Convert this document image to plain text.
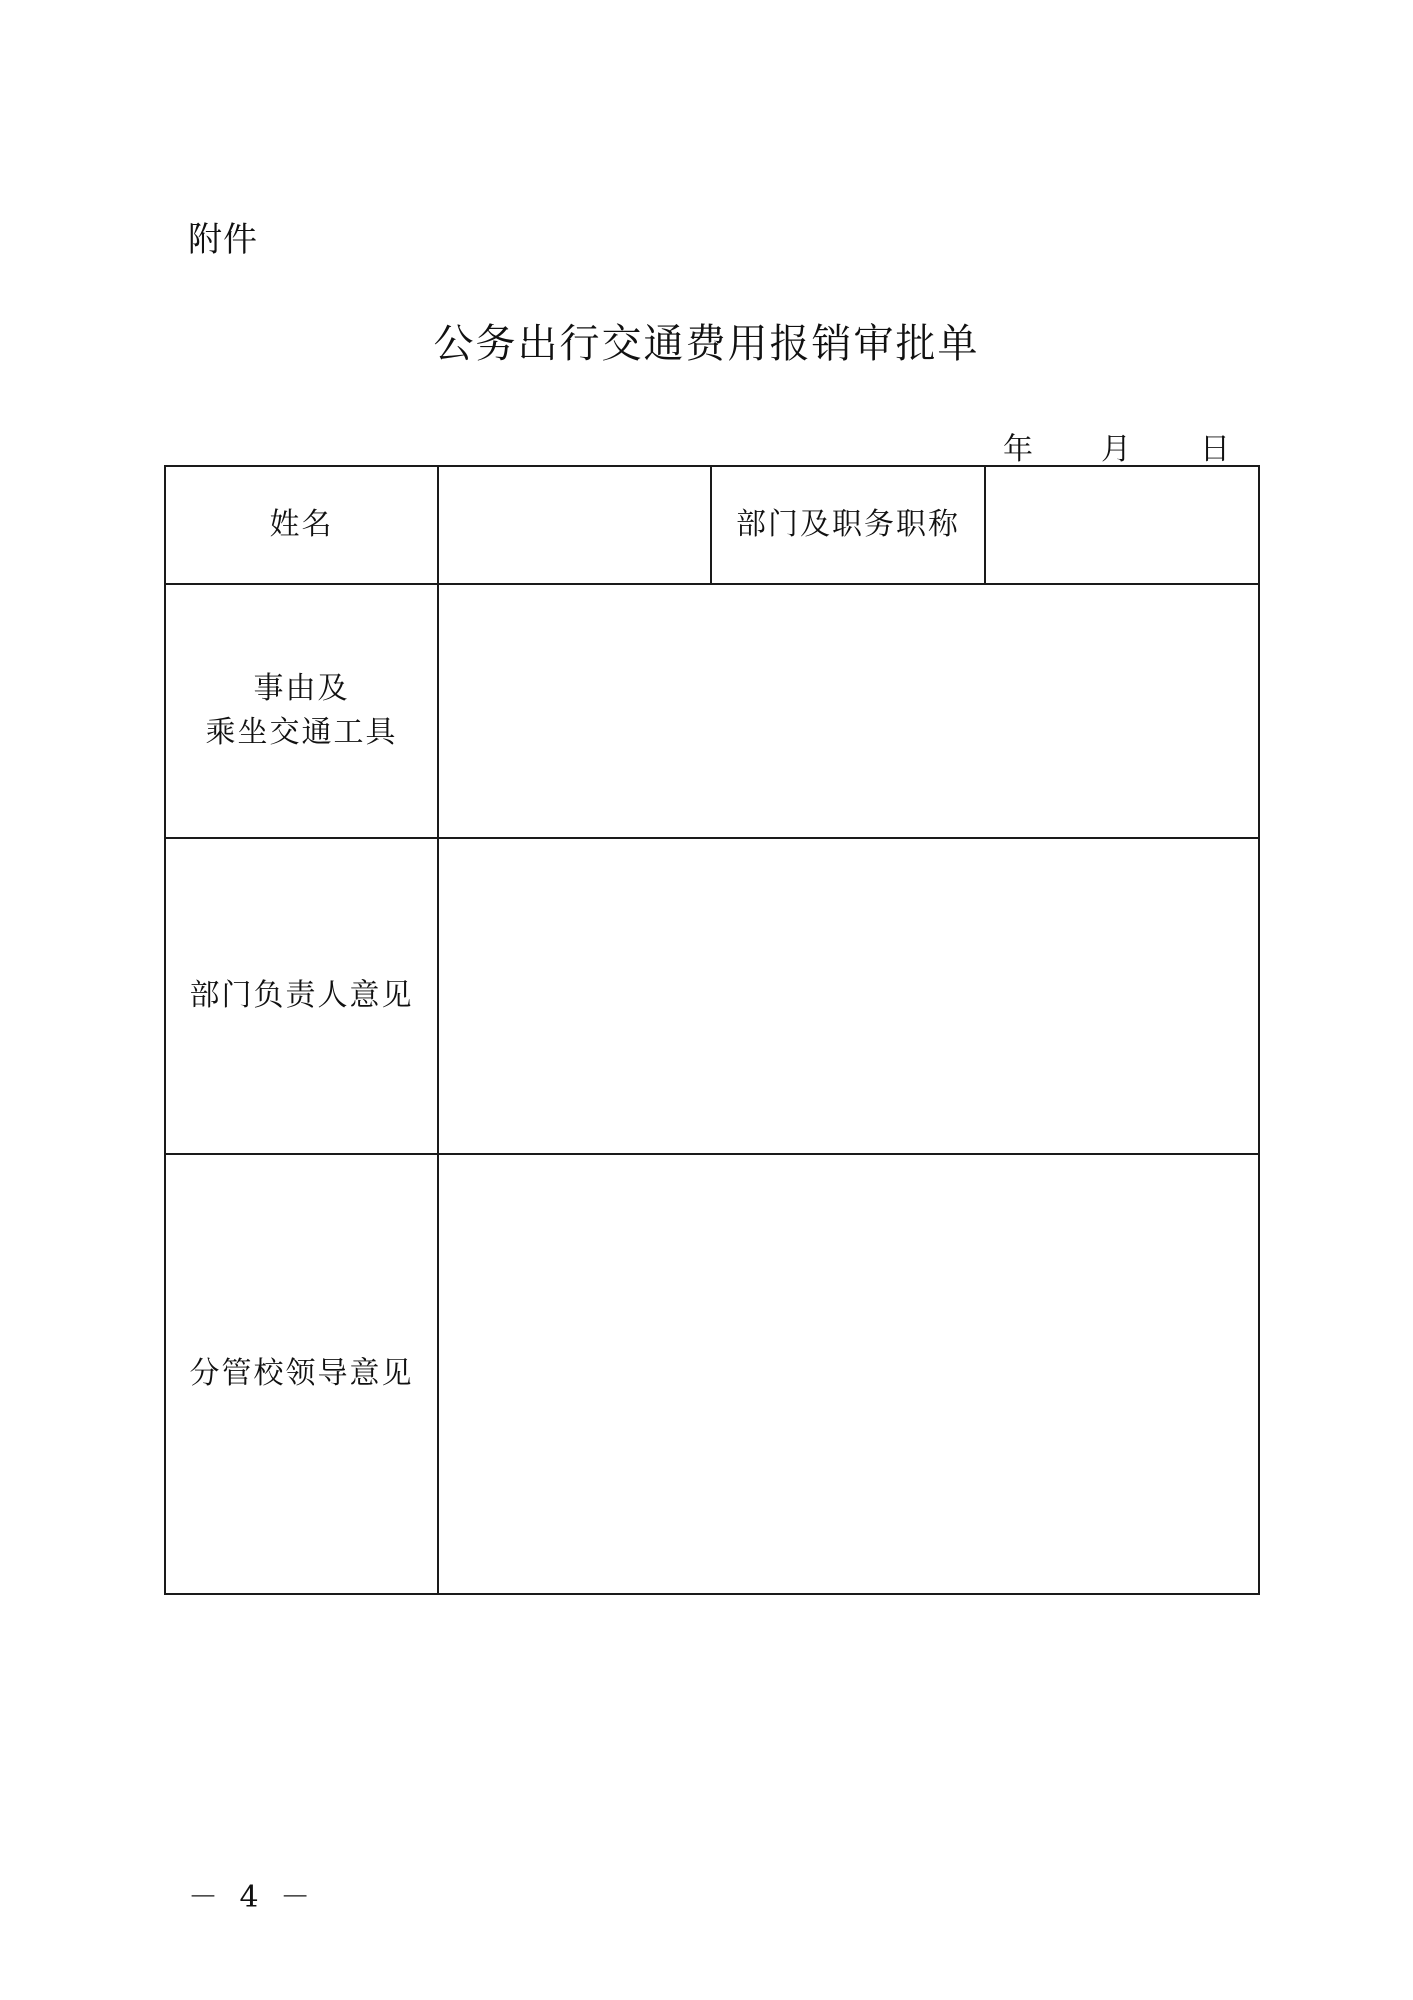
附件
公务出行交通费用报销审批单
年 月 日
姓名		部门及职务职称	

事由及
乘坐交通工具			

部门负责人意见			
分管校领导意见			
－ 4 －
